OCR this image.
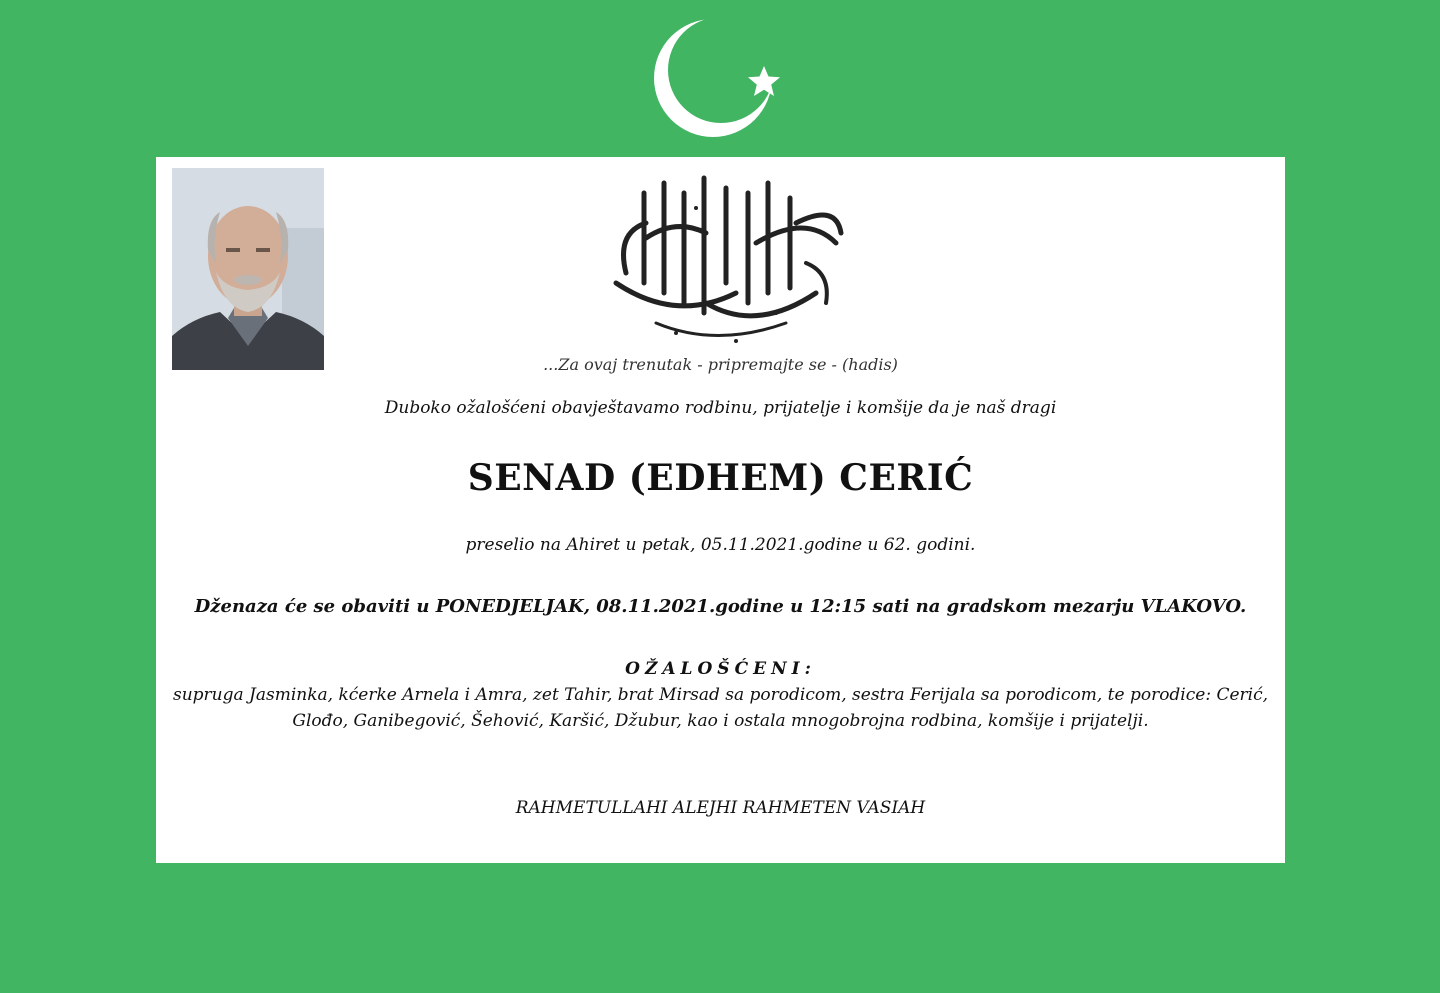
...Za ovaj trenutak - pripremajte se - (hadis)
Duboko ožalošćeni obavještavamo rodbinu, prijatelje i komšije da je naš dragi
SENAD (EDHEM) CERIĆ
preselio na Ahiret u petak, 05.11.2021.godine u 62. godini.
Dženaza će se obaviti u PONEDJELJAK, 08.11.2021.godine u 12:15 sati na gradskom mezarju VLAKOVO.
OŽALOŠĆENI:
supruga Jasminka, kćerke Arnela i Amra, zet Tahir, brat Mirsad sa porodicom, sestra Ferijala sa porodicom, te porodice: Cerić, Glođo, Ganibegović, Šehović, Karšić, Džubur, kao i ostala mnogobrojna rodbina, komšije i prijatelji.
RAHMETULLAHI ALEJHI RAHMETEN VASIAH
